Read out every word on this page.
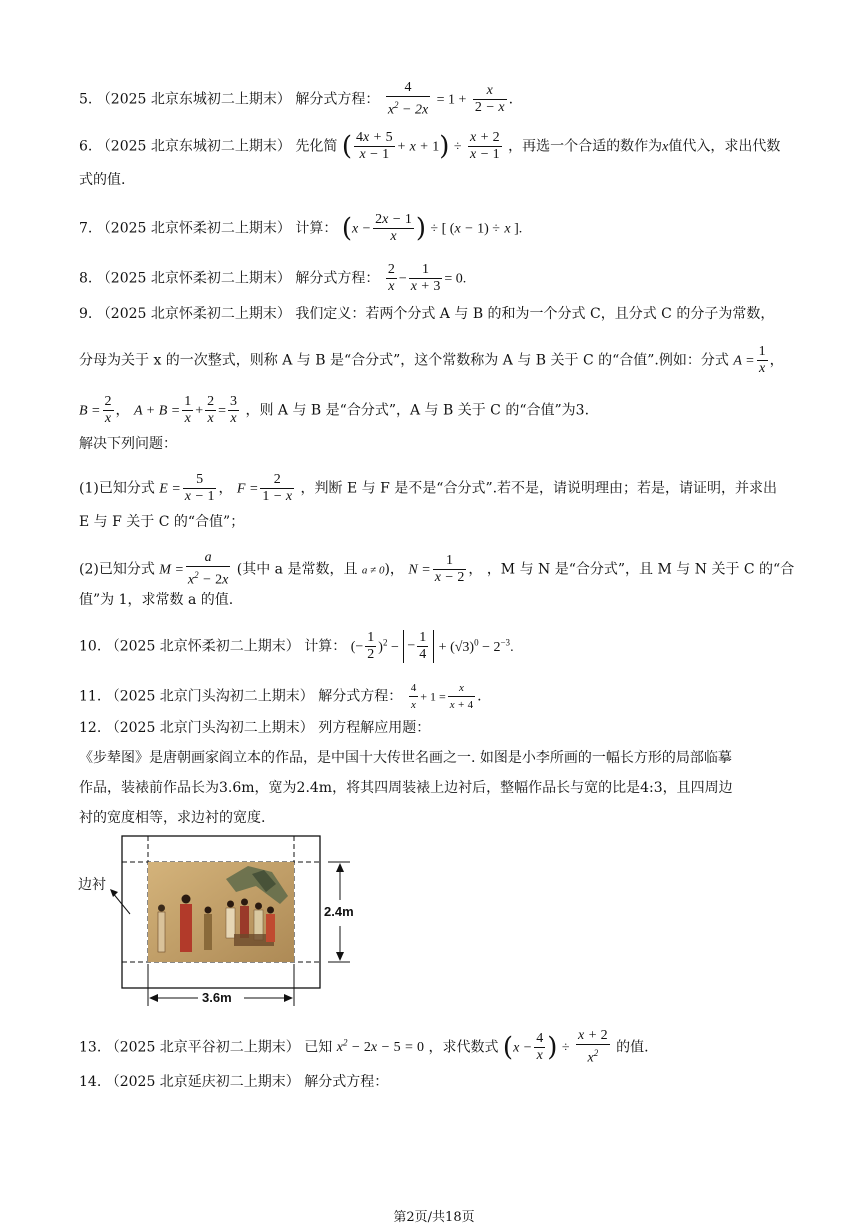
5. （2025 北京东城初二上期末） 解分式方程： $\frac{4}{x^2 - 2x} = 1 + \frac{x}{2 - x}$ .
6. （2025 北京东城初二上期末） 先化简 ( $\frac{4x + 5}{x - 1} + x + 1) \div \frac{x + 2}{x - 1}$ ，再选一个合适的数作为x值代入，求出代数
式的值.
7. （2025 北京怀柔初二上期末） 计算： ($x - \frac{2x - 1}{x}$ ) ÷ [ (x − 1) ÷ x ].
8. （2025 北京怀柔初二上期末） 解分式方程： $\frac{2}{x} - \frac{1}{x + 3} = 0$.
9. （2025 北京怀柔初二上期末） 我们定义：若两个分式 A 与 B 的和为一个分式 C，且分式 C 的分子为常数，
分母为关于 x 的一次整式，则称 A 与 B 是“合分式”，这个常数称为 A 与 B 关于 C 的“合值”.例如：分式 $A = \frac{1}{x}$ ，
$B = \frac{2}{x}$ ， $A + B = \frac{1}{x} + \frac{2}{x} = \frac{3}{x}$ ，则 A 与 B 是“合分式”，A 与 B 关于 C 的“合值”为3.
解决下列问题：
(1)已知分式 $E = \frac{5}{x - 1}$ ， $F = \frac{2}{1 - x}$ ，判断 E 与 F 是不是“合分式”.若不是，请说明理由；若是，请证明，并求出
E 与 F 关于 C 的“合值”；
(2)已知分式 $M = \frac{a}{x^2 - 2x}$ (其中 a 是常数，且 a ≠ 0)， $N = \frac{1}{x - 2}$ ， ，M 与 N 是“合分式”，且 M 与 N 关于 C 的“合
值”为 1，求常数 a 的值.
10. （2025 北京怀柔初二上期末） 计算： (− $\frac{1}{2} )^2$ − − $\frac{1}{4} + (√3)^0 - 2^{-3}$.
11. （2025 北京门头沟初二上期末） 解分式方程： $\frac{4}{x} + 1 = \frac{x}{x + 4}$ .
12. （2025 北京门头沟初二上期末） 列方程解应用题：
《步辇图》是唐朝画家阎立本的作品，是中国十大传世名画之一. 如图是小李所画的一幅长方形的局部临摹
作品，装裱前作品长为3.6m，宽为2.4m，将其四周装裱上边衬后，整幅作品长与宽的比是4:3，且四周边
衬的宽度相等，求边衬的宽度.
边衬
2.4m
3.6m
13. （2025 北京平谷初二上期末） 已知 $x^2 - 2x - 5 = 0$ ，求代数式 ($x - \frac{4}{x}$ ) ÷ $\frac{x + 2}{x^2}$ 的值.
14. （2025 北京延庆初二上期末） 解分式方程：
第2页/共18页
